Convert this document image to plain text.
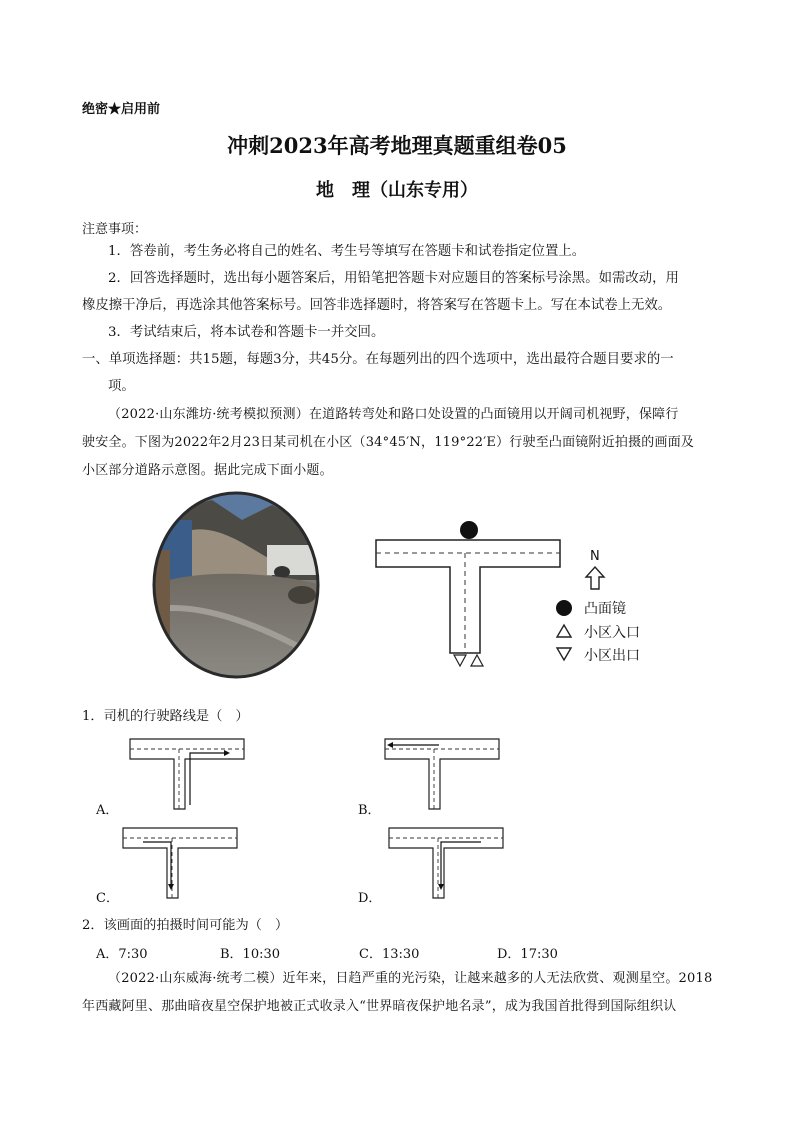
绝密★启用前
冲刺2023年高考地理真题重组卷05
地　理（山东专用）
注意事项：
1．答卷前，考生务必将自己的姓名、考生号等填写在答题卡和试卷指定位置上。
2．回答选择题时，选出每小题答案后，用铅笔把答题卡对应题目的答案标号涂黑。如需改动，用
橡皮擦干净后，再选涂其他答案标号。回答非选择题时，将答案写在答题卡上。写在本试卷上无效。
3．考试结束后，将本试卷和答题卡一并交回。
一、单项选择题：共15题，每题3分，共45分。在每题列出的四个选项中，选出最符合题目要求的一
项。
（2022·山东潍坊·统考模拟预测）在道路转弯处和路口处设置的凸面镜用以开阔司机视野，保障行
驶安全。下图为2022年2月23日某司机在小区（34°45′N，119°22′E）行驶至凸面镜附近拍摄的画面及
小区部分道路示意图。据此完成下面小题。
N
凸面镜
小区入口
小区出口
1．司机的行驶路线是（　）
A．	B．
C．	D．
2．该画面的拍摄时间可能为（　）
A．7:30	B．10:30	C．13:30	D．17:30
（2022·山东威海·统考二模）近年来，日趋严重的光污染，让越来越多的人无法欣赏、观测星空。2018
年西藏阿里、那曲暗夜星空保护地被正式收录入“世界暗夜保护地名录”，成为我国首批得到国际组织认
